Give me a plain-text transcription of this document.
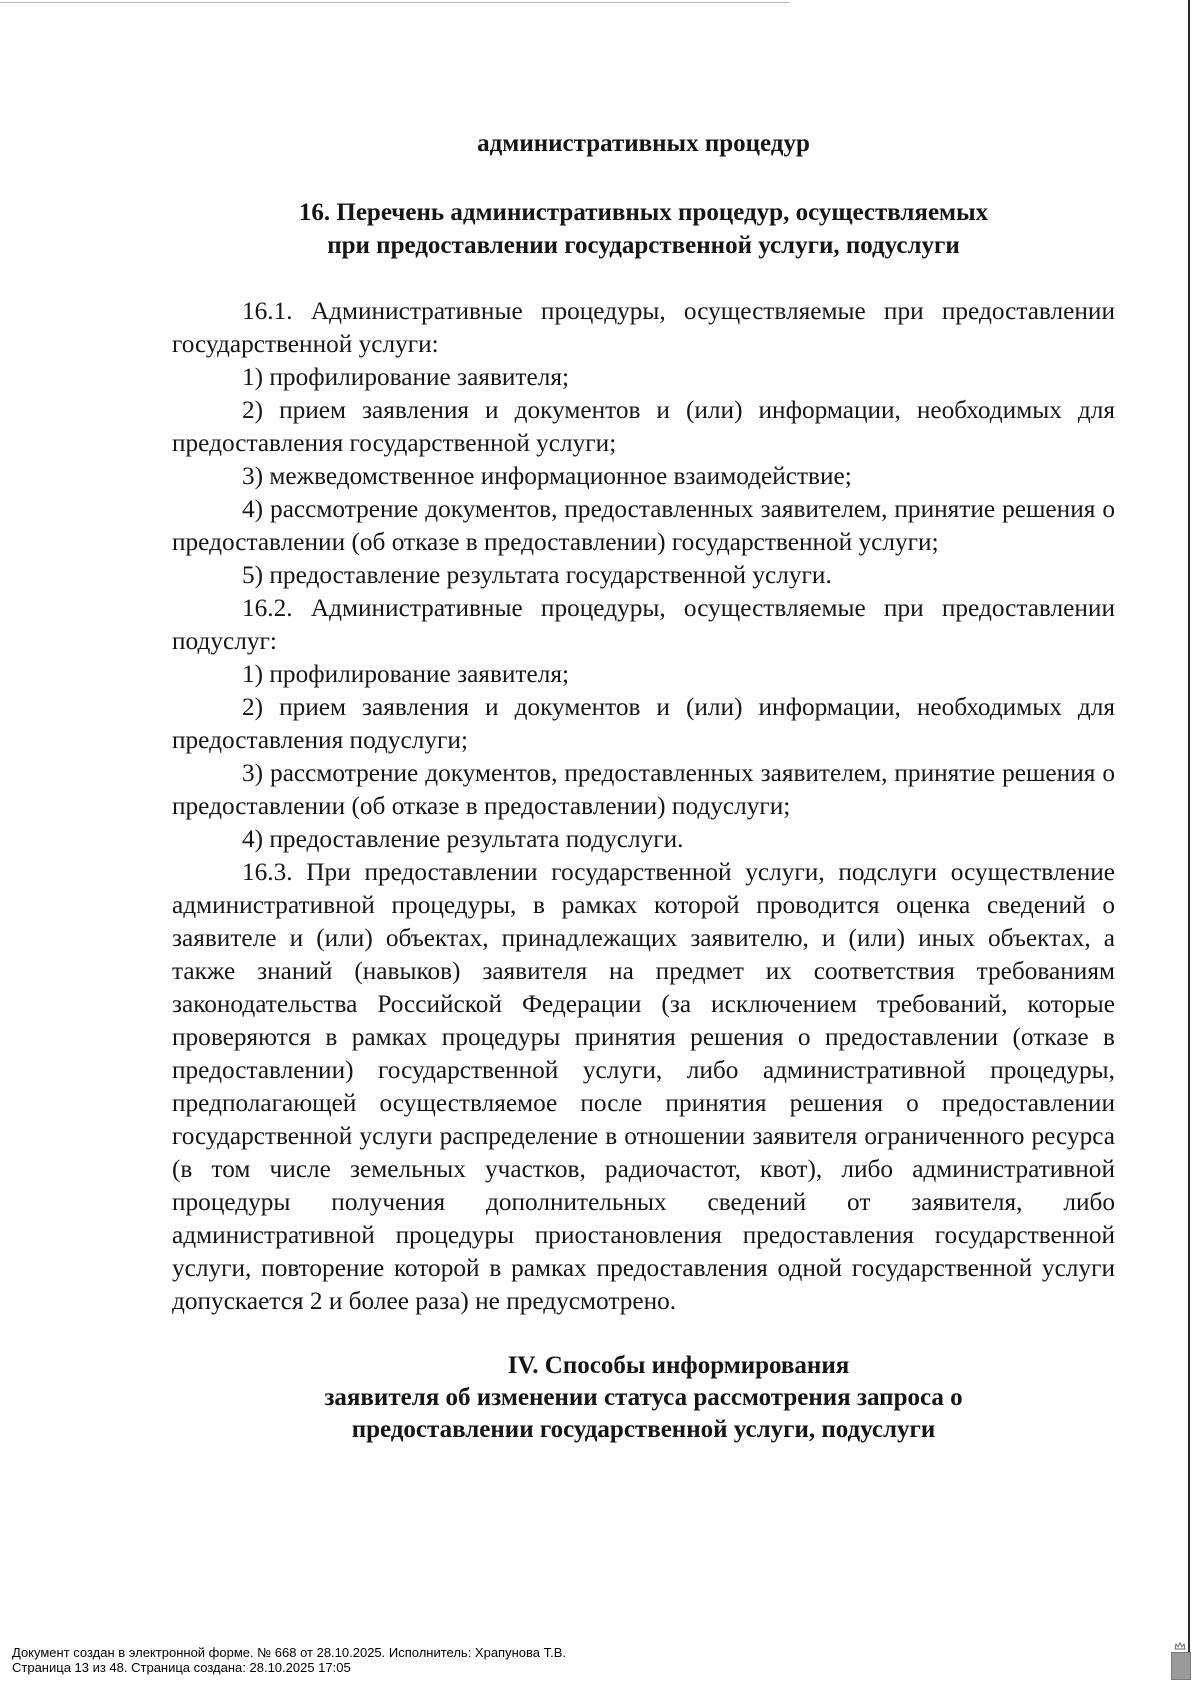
административных процедур
16. Перечень административных процедур, осуществляемых
при предоставлении государственной услуги, подуслуги

16.1. Административные процедуры, осуществляемые при предоставлении государственной услуги:

1) профилирование заявителя;

2) прием заявления и документов и (или) информации, необходимых для предоставления государственной услуги;

3) межведомственное информационное взаимодействие;

4) рассмотрение документов, предоставленных заявителем, принятие решения о предоставлении (об отказе в предоставлении) государственной услуги;

5) предоставление результата государственной услуги.

16.2. Административные процедуры, осуществляемые при предоставлении подуслуг:

1) профилирование заявителя;

2) прием заявления и документов и (или) информации, необходимых для предоставления подуслуги;

3) рассмотрение документов, предоставленных заявителем, принятие решения о предоставлении (об отказе в предоставлении) подуслуги;

4) предоставление результата подуслуги.

16.3. При предоставлении государственной услуги, подслуги осуществление административной процедуры, в рамках которой проводится оценка сведений о заявителе и (или) объектах, принадлежащих заявителю, и (или) иных объектах, а также знаний (навыков) заявителя на предмет их соответствия требованиям законодательства Российской Федерации (за исключением требований, которые проверяются в рамках процедуры принятия решения о предоставлении (отказе в предоставлении) государственной услуги, либо административной процедуры, предполагающей осуществляемое после принятия решения о предоставлении государственной услуги распределение в отношении заявителя ограниченного ресурса (в том числе земельных участков, радиочастот, квот), либо административной процедуры получения дополнительных сведений от заявителя, либо административной процедуры приостановления предоставления государственной услуги, повторение которой в рамках предоставления одной государственной услуги допускается 2 и более раза) не предусмотрено.

IV. Способы информирования
заявителя об изменении статуса рассмотрения запроса о
предоставлении государственной услуги, подуслуги
Документ создан в электронной форме. № 668 от 28.10.2025. Исполнитель: Храпунова Т.В.
Страница 13 из 48. Страница создана: 28.10.2025 17:05
